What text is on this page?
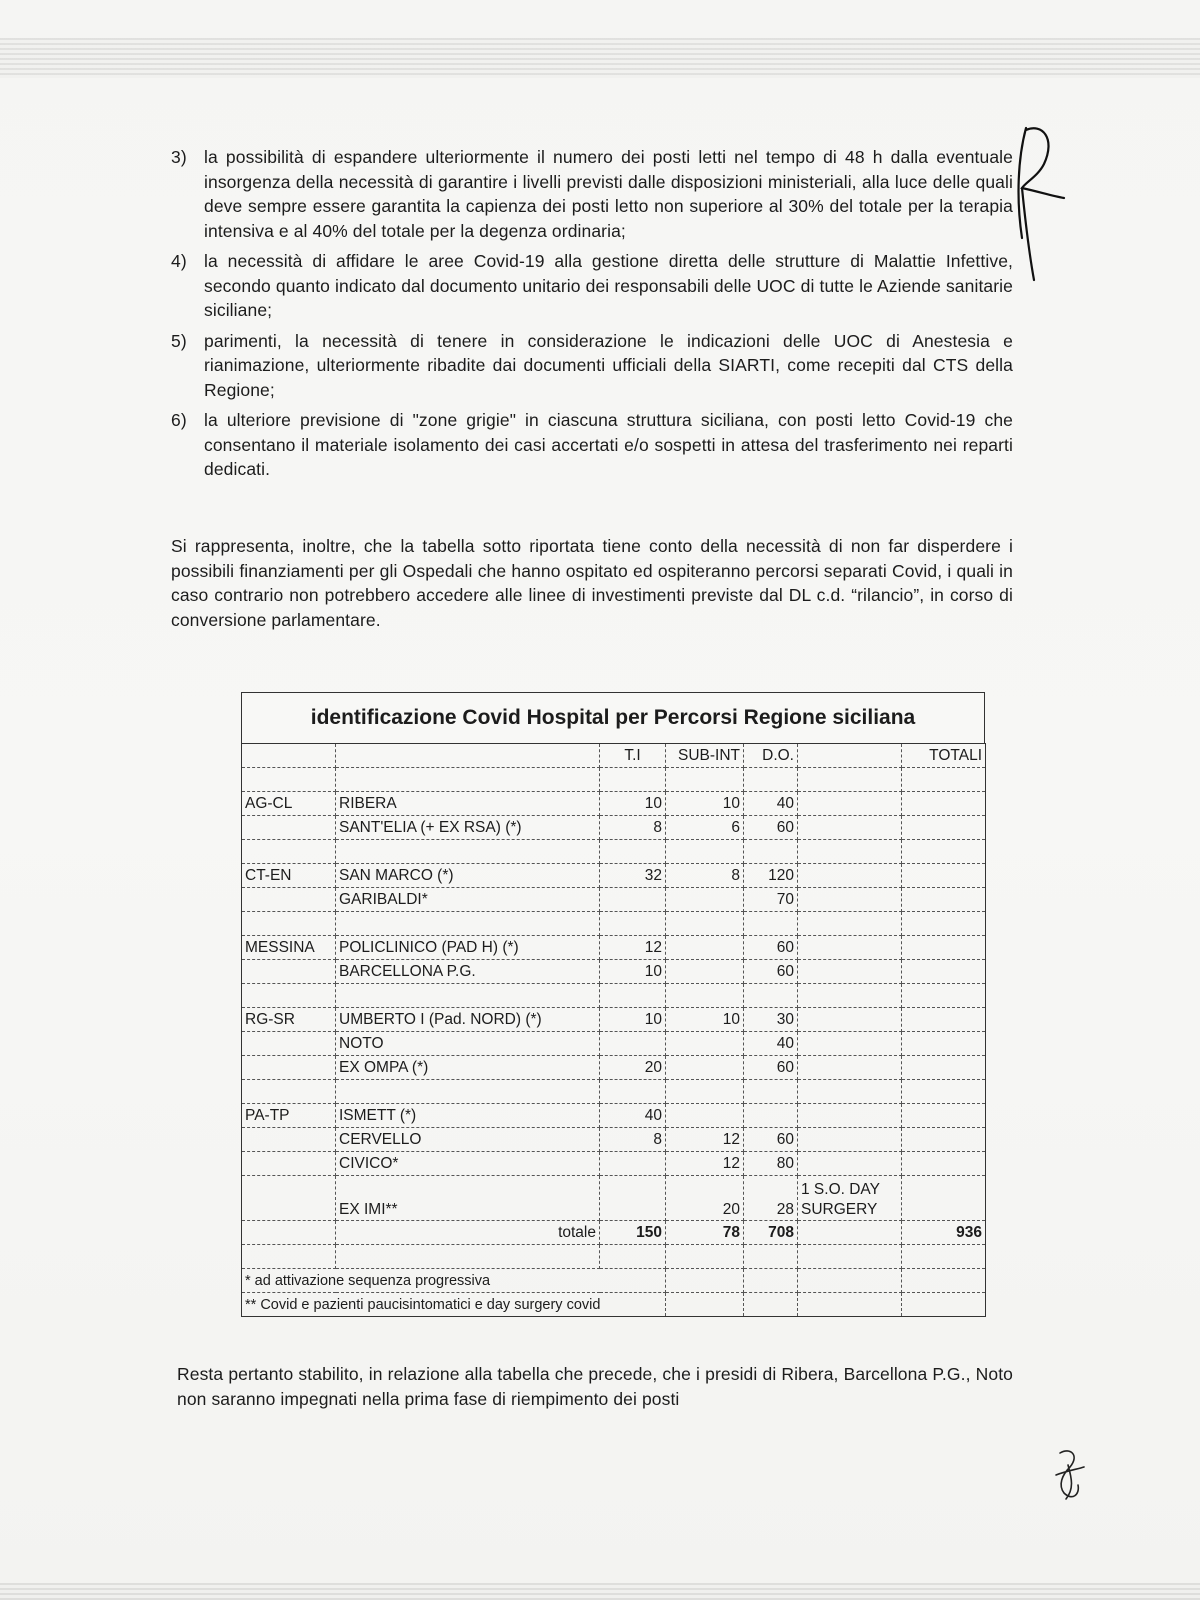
3) la possibilità di espandere ulteriormente il numero dei posti letti nel tempo di 48 h dalla eventuale insorgenza della necessità di garantire i livelli previsti dalle disposizioni ministeriali, alla luce delle quali deve sempre essere garantita la capienza dei posti letto non superiore al 30% del totale per la terapia intensiva e al 40% del totale per la degenza ordinaria;
4) la necessità di affidare le aree Covid-19 alla gestione diretta delle strutture di Malattie Infettive, secondo quanto indicato dal documento unitario dei responsabili delle UOC di tutte le Aziende sanitarie siciliane;
5) parimenti, la necessità di tenere in considerazione le indicazioni delle UOC di Anestesia e rianimazione, ulteriormente ribadite dai documenti ufficiali della SIARTI, come recepiti dal CTS della Regione;
6) la ulteriore previsione di "zone grigie" in ciascuna struttura siciliana, con posti letto Covid-19 che consentano il materiale isolamento dei casi accertati e/o sospetti in attesa del trasferimento nei reparti dedicati.
Si rappresenta, inoltre, che la tabella sotto riportata tiene conto della necessità di non far disperdere i possibili finanziamenti per gli Ospedali che hanno ospitato ed ospiteranno percorsi separati Covid, i quali in caso contrario non potrebbero accedere alle linee di investimenti previste dal DL c.d. “rilancio”, in corso di conversione parlamentare.
identificazione Covid Hospital per Percorsi Regione siciliana
		T.I	SUB-INT	D.O.		TOTALI

AG-CL	RIBERA	10	10	40		
	SANT'ELIA (+ EX RSA) (*)	8	6	60		

CT-EN	SAN MARCO (*)	32	8	120		
	GARIBALDI*			70		

MESSINA	POLICLINICO (PAD H) (*)	12		60		
	BARCELLONA P.G.	10		60		

RG-SR	UMBERTO I (Pad. NORD) (*)	10	10	30		
	NOTO			40		
	EX OMPA (*)	20		60		

PA-TP	ISMETT (*)	40				
	CERVELLO	8	12	60		
	CIVICO*		12	80		
	EX IMI**		20	28	1 S.O. DAY SURGERY	
	totale	150	78	708		936

* ad attivazione sequenza progressiva						
** Covid e pazienti paucisintomatici e day surgery covid						
Resta pertanto stabilito, in relazione alla tabella che precede, che i presidi di Ribera, Barcellona P.G., Noto non saranno impegnati nella prima fase di riempimento dei posti
